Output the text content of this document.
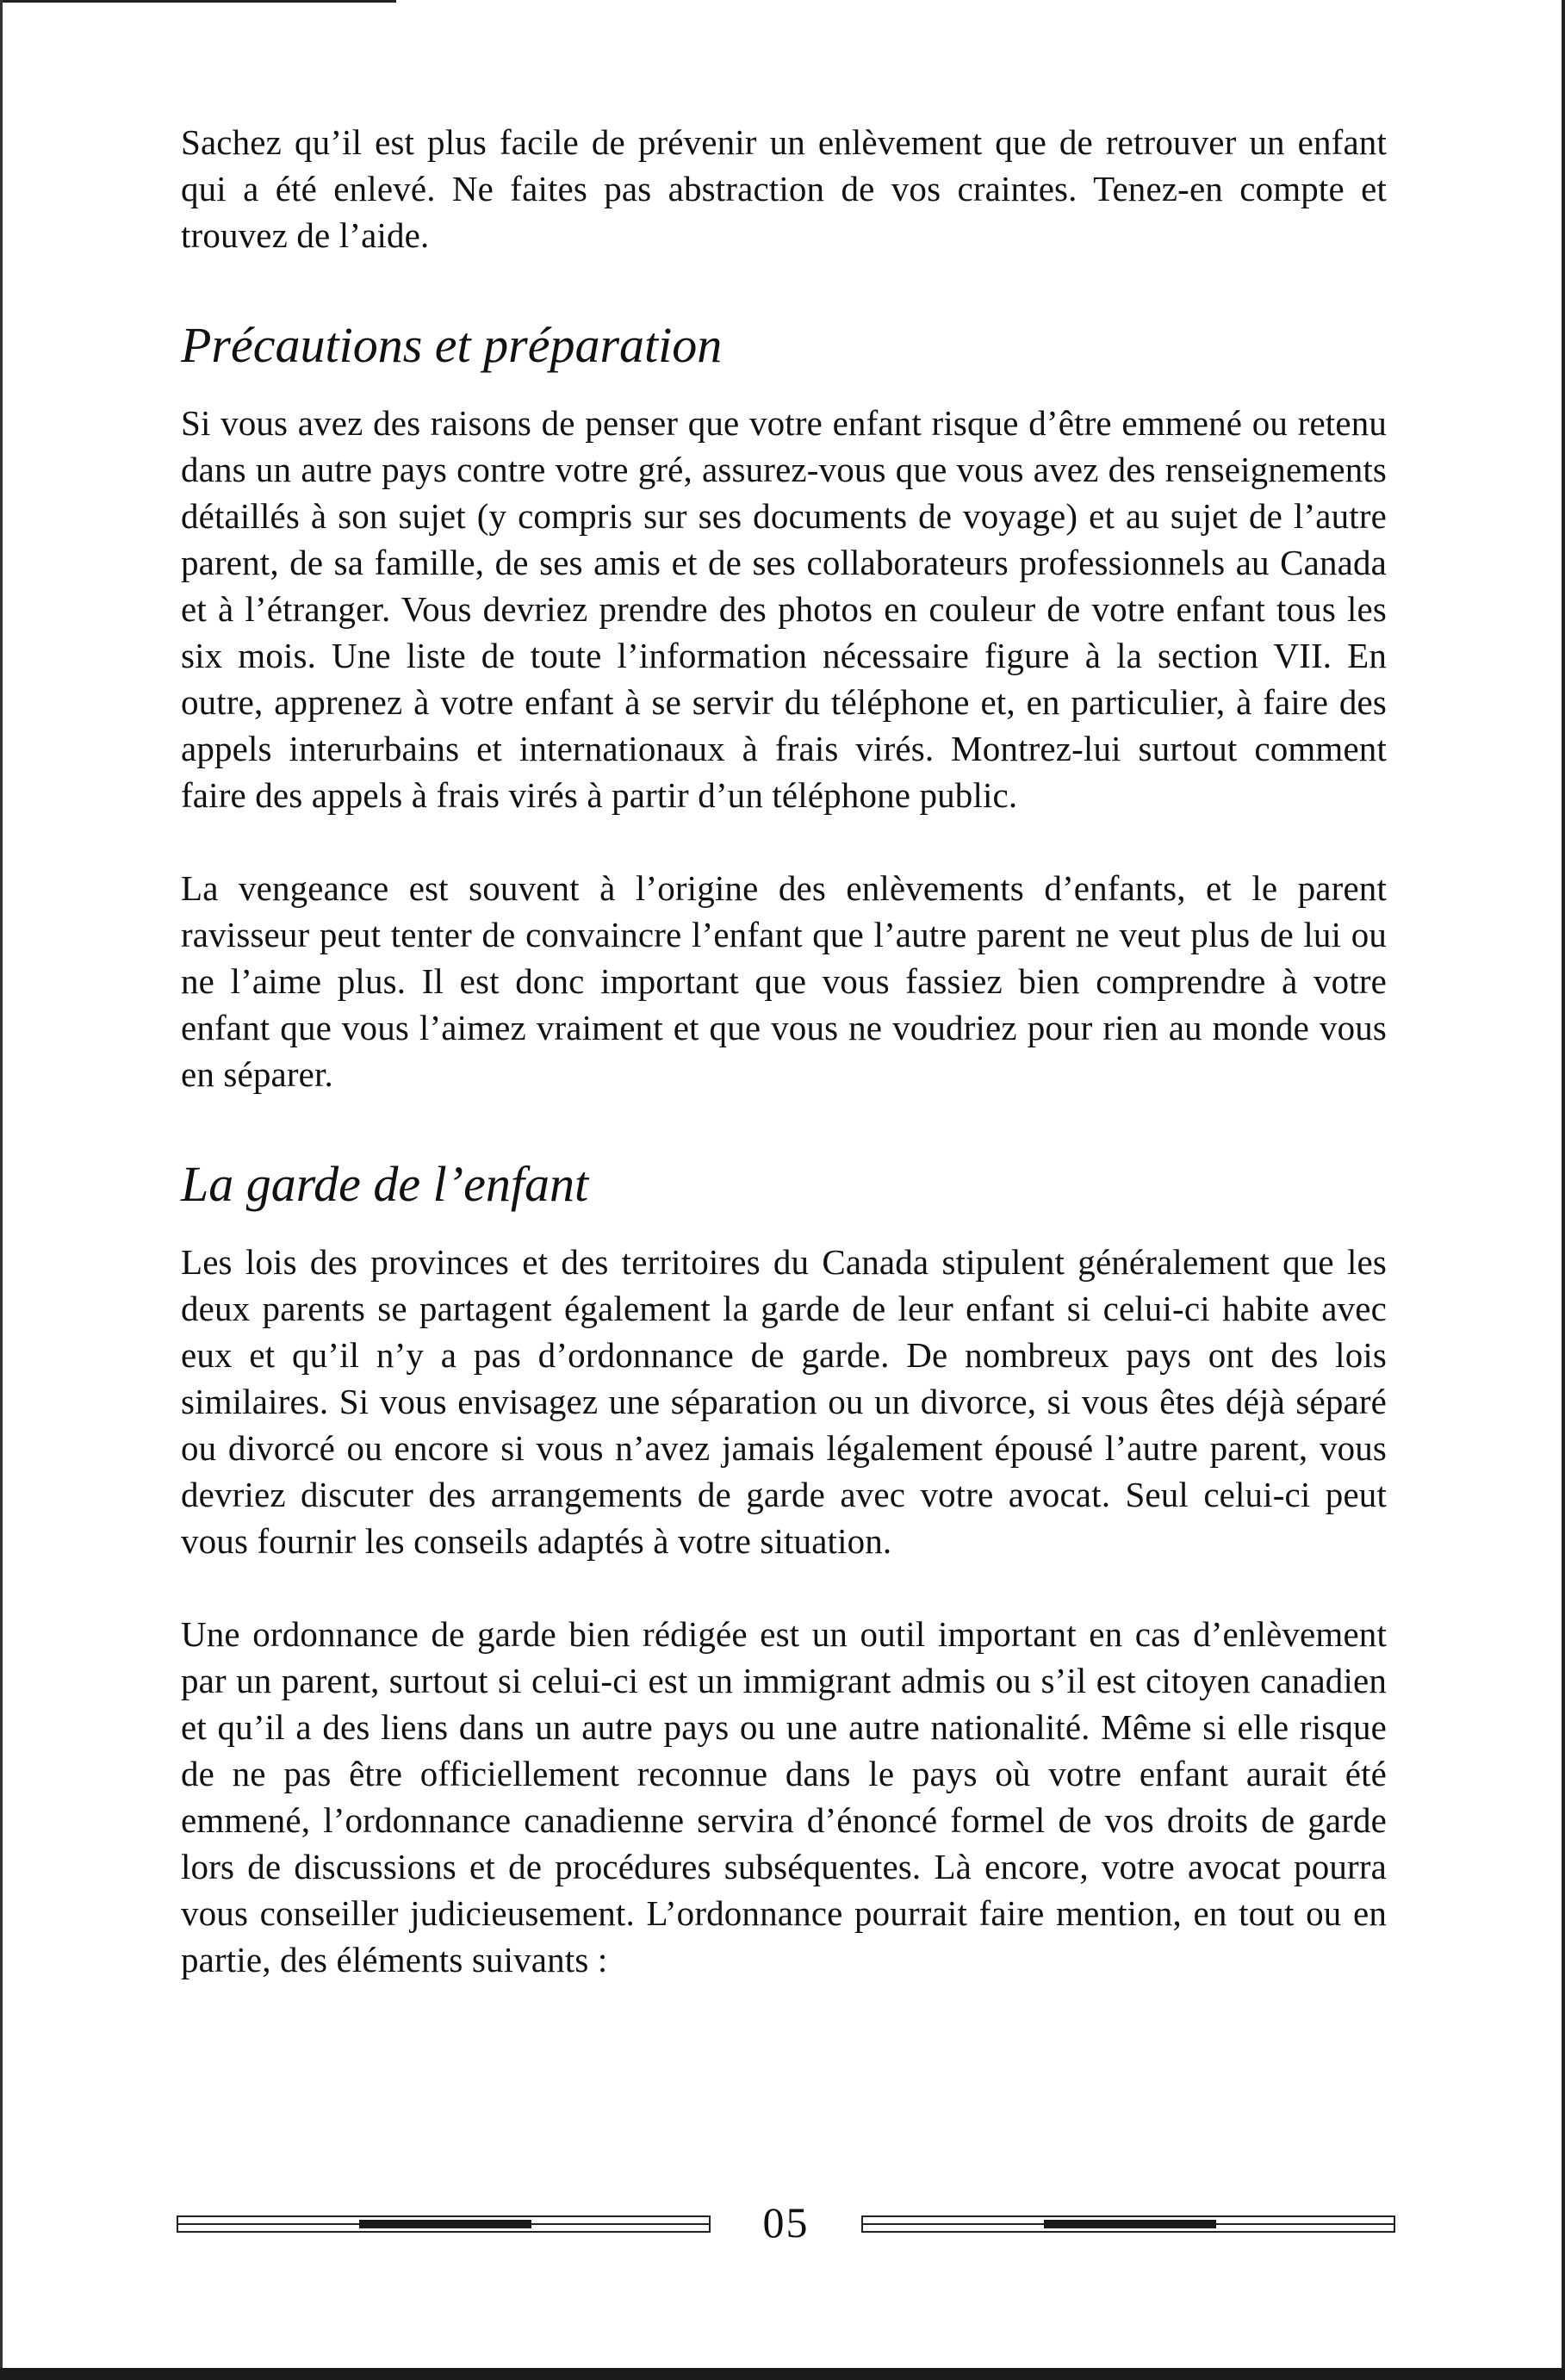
Sachez qu’il est plus facile de prévenir un enlèvement que de retrouver un enfant qui a été enlevé. Ne faites pas abstraction de vos craintes. Tenez-en compte et trouvez de l’aide.

Précautions et préparation

Si vous avez des raisons de penser que votre enfant risque d’être emmené ou retenu dans un autre pays contre votre gré, assurez-vous que vous avez des renseignements détaillés à son sujet (y compris sur ses documents de voyage) et au sujet de l’autre parent, de sa famille, de ses amis et de ses collaborateurs professionnels au Canada et à l’étranger. Vous devriez prendre des photos en couleur de votre enfant tous les six mois. Une liste de toute l’information nécessaire figure à la section VII. En outre, apprenez à votre enfant à se servir du téléphone et, en particulier, à faire des appels interurbains et internationaux à frais virés. Montrez-lui surtout comment faire des appels à frais virés à partir d’un téléphone public.

La vengeance est souvent à l’origine des enlèvements d’enfants, et le parent ravisseur peut tenter de convaincre l’enfant que l’autre parent ne veut plus de lui ou ne l’aime plus. Il est donc important que vous fassiez bien comprendre à votre enfant que vous l’aimez vraiment et que vous ne voudriez pour rien au monde vous en séparer.

La garde de l’enfant

Les lois des provinces et des territoires du Canada stipulent généralement que les deux parents se partagent également la garde de leur enfant si celui-ci habite avec eux et qu’il n’y a pas d’ordonnance de garde. De nombreux pays ont des lois similaires. Si vous envisagez une séparation ou un divorce, si vous êtes déjà séparé ou divorcé ou encore si vous n’avez jamais légalement épousé l’autre parent, vous devriez discuter des arrangements de garde avec votre avocat. Seul celui-ci peut vous fournir les conseils adaptés à votre situation.

Une ordonnance de garde bien rédigée est un outil important en cas d’enlèvement par un parent, surtout si celui-ci est un immigrant admis ou s’il est citoyen canadien et qu’il a des liens dans un autre pays ou une autre nationalité. Même si elle risque de ne pas être officiellement reconnue dans le pays où votre enfant aurait été emmené, l’ordonnance canadienne servira d’énoncé formel de vos droits de garde lors de discussions et de procédures subséquentes. Là encore, votre avocat pourra vous conseiller judicieusement. L’ordonnance pourrait faire mention, en tout ou en partie, des éléments suivants :

05
